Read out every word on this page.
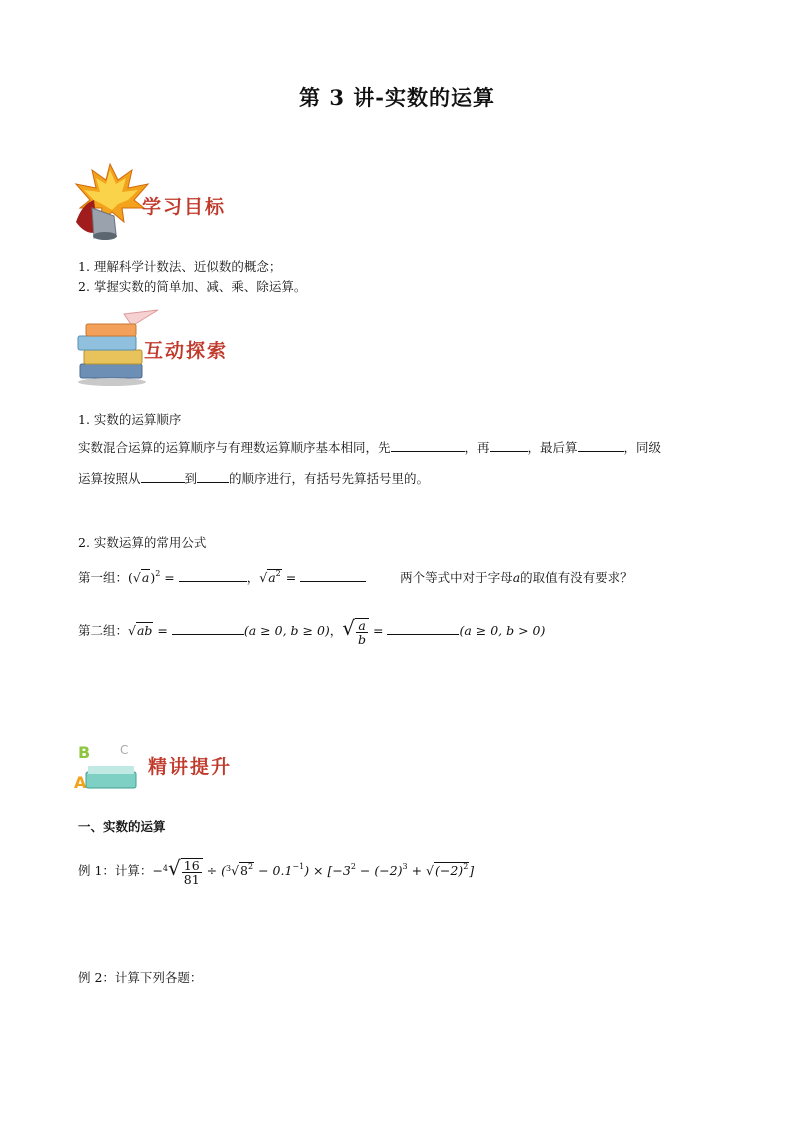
第 3 讲-实数的运算
学习目标
1. 理解科学计数法、近似数的概念；
2. 掌握实数的简单加、减、乘、除运算。
互动探索
1. 实数的运算顺序
实数混合运算的运算顺序与有理数运算顺序基本相同，先	，再	，最后算	，同级
运算按照从	到	的顺序进行，有括号先算括号里的。
2. 实数运算的常用公式
第一组：$(√a)^2$ =	，$√a^2$ =	两个等式中对于字母a的取值有没有要求？
第二组：√ab =	(a ≥ 0, b ≥ 0)，√ $\frac{a}{b}$ =	(a ≥ 0, b > 0)
B C
A
精讲提升
一、实数的运算
例 1：计算：$-^4√ \frac{16}{81} \div (^3√8^2 - 0.1^{-1}) \times [-3^2 - (-2)^3 + √(-2)^2]$
例 2：计算下列各题：
